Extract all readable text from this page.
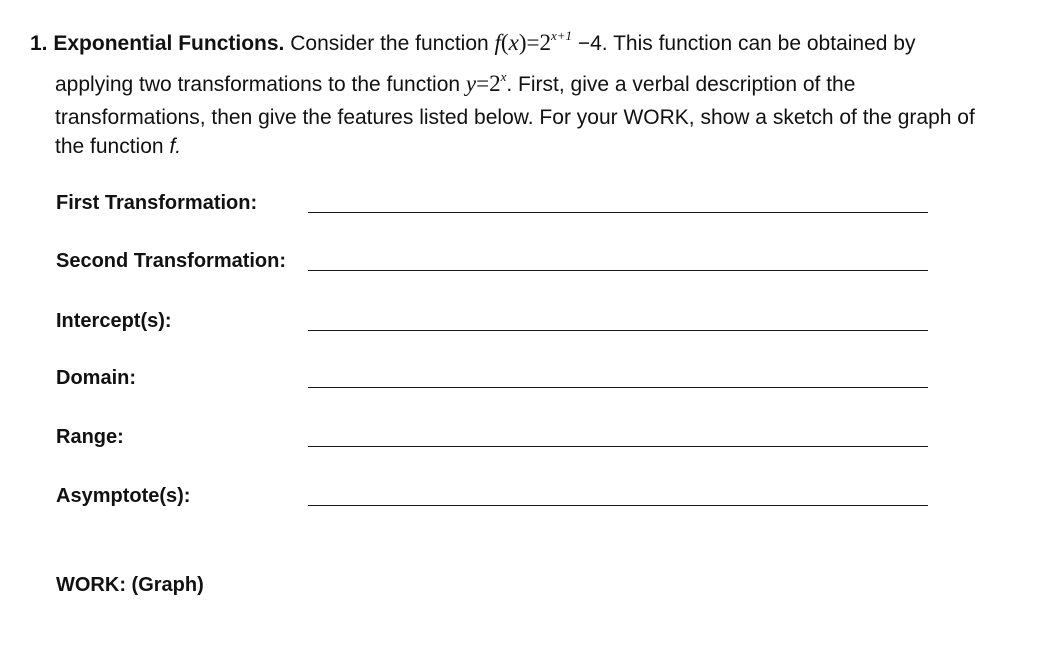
1. Exponential Functions. Consider the function $f(x)=2^{x+1} -4$. This function can be obtained by
applying two transformations to the function $y=2^x$. First, give a verbal description of the
transformations, then give the features listed below. For your WORK, show a sketch of the graph of
the function f.
First Transformation:
Second Transformation:
Intercept(s):
Domain:
Range:
Asymptote(s):
WORK: (Graph)
